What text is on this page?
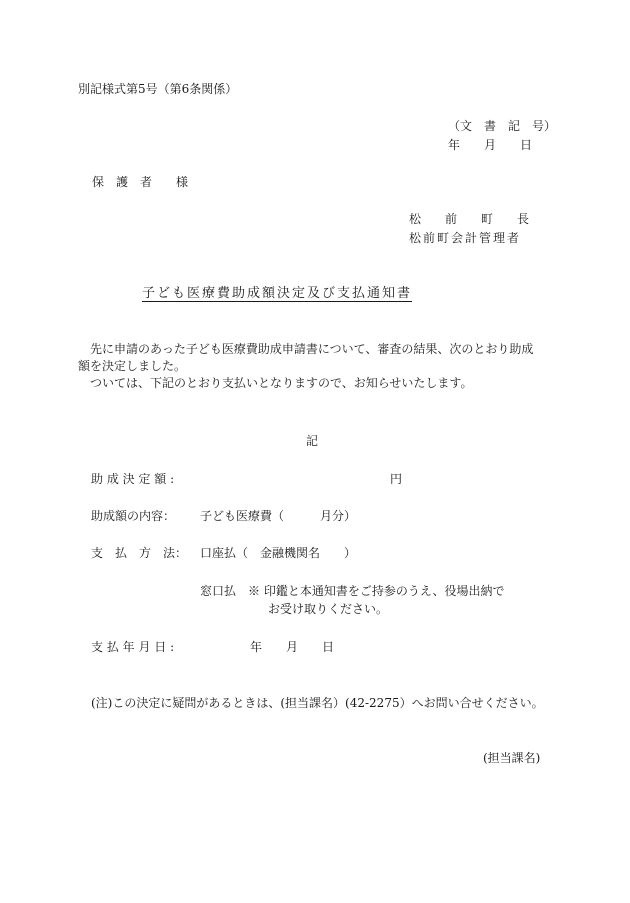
別記様式第5号（第6条関係）
（文　書　記　号）
年　　月　　日
保　護　者　　様
松　　前　　町　　長
松前町会計管理者
子ども医療費助成額決定及び支払通知書
先に申請のあった子ども医療費助成申請書について、審査の結果、次のとおり助成
額を決定しました。
ついては、下記のとおり支払いとなりますので、お知らせいたします。
記
助 成 決 定 額 :	円
助成額の内容： 子ども医療費（　　　月分）
支　払　方　法： 口座払（　金融機関名　　）
窓口払　※ 印鑑と本通知書をご持参のうえ、役場出納で
お受け取りください。
支 払 年 月 日 :	年　　月　　日
(注)この決定に疑問があるときは、(担当課名）(42-2275）へお問い合せください。
(担当課名)
